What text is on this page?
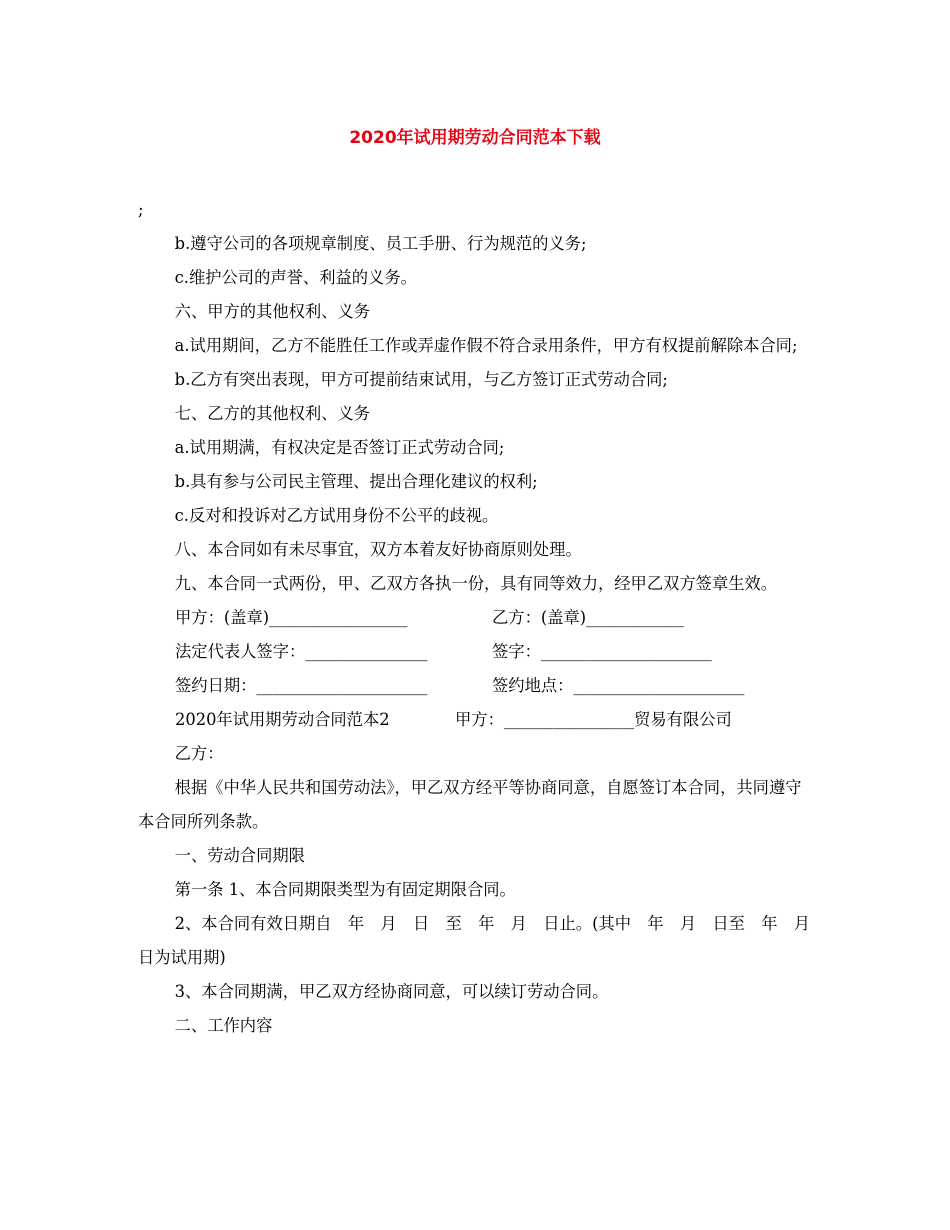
2020年试用期劳动合同范本下载

;

b.遵守公司的各项规章制度、员工手册、行为规范的义务;

c.维护公司的声誉、利益的义务。

六、甲方的其他权利、义务

a.试用期间，乙方不能胜任工作或弄虚作假不符合录用条件，甲方有权提前解除本合同;

b.乙方有突出表现，甲方可提前结束试用，与乙方签订正式劳动合同;

七、乙方的其他权利、义务

a.试用期满，有权决定是否签订正式劳动合同;

b.具有参与公司民主管理、提出合理化建议的权利;

c.反对和投诉对乙方试用身份不公平的歧视。

八、本合同如有未尽事宜，双方本着友好协商原则处理。

九、本合同一式两份，甲、乙双方各执一份，具有同等效力，经甲乙双方签章生效。

甲方：(盖章)_________________	乙方：(盖章)____________
法定代表人签字：_______________	签字：_____________________
签约日期：_____________________	签约地点：_____________________
2020年试用期劳动合同范本2	甲方：________________贸易有限公司

乙方：

根据《中华人民共和国劳动法》，甲乙双方经平等协商同意，自愿签订本合同，共同遵守本合同所列条款。

一、劳动合同期限

第一条 1、本合同期限类型为有固定期限合同。

2、本合同有效日期自　年　月　日　至　年　月　日止。(其中　年　月　日至　年　月日为试用期)

3、本合同期满，甲乙双方经协商同意，可以续订劳动合同。

二、工作内容
